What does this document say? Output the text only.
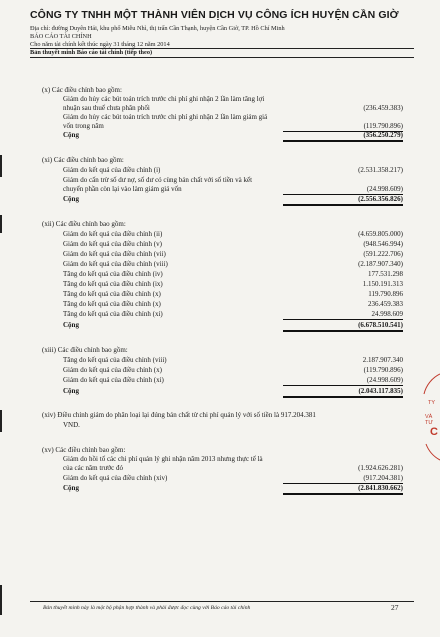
CÔNG TY TNHH MỘT THÀNH VIÊN DỊCH VỤ CÔNG ÍCH HUYỆN CẦN GIỜ
Địa chỉ: đường Duyên Hải, khu phố Miễu Nhì, thị trấn Cần Thạnh, huyện Cần Giờ, TP. Hồ Chí Minh
BÁO CÁO TÀI CHÍNH
Cho năm tài chính kết thúc ngày 31 tháng 12 năm 2014
Bản thuyết minh Báo cáo tài chính (tiếp theo)
(x) Các điều chỉnh bao gồm:
Giảm do hủy các bút toán trích trước chi phí ghi nhận 2 lần làm tăng lợi
nhuận sau thuế chưa phân phối	(236.459.383)
Giảm do hủy các bút toán trích trước chi phí ghi nhận 2 lần làm giảm giá
vốn trong năm	(119.790.896)
Cộng	(356.250.279)
(xi) Các điều chỉnh bao gồm:
Giảm do kết quả của điều chỉnh (i)	(2.531.358.217)
Giảm do cấn trừ số dư nợ, số dư có cùng bản chất với số tiền và kết
chuyển phần còn lại vào làm giảm giá vốn	(24.998.609)
Cộng	(2.556.356.826)
(xii) Các điều chỉnh bao gồm:
Giảm do kết quả của điều chỉnh (ii)	(4.659.805.000)
Giảm do kết quả của điều chỉnh (v)	(948.546.994)
Giảm do kết quả của điều chỉnh (vii)	(591.222.706)
Giảm do kết quả của điều chỉnh (viii)	(2.187.907.340)
Tăng do kết quả của điều chỉnh (iv)	177.531.298
Tăng do kết quả của điều chỉnh (ix)	1.150.191.313
Tăng do kết quả của điều chỉnh (x)	119.790.896
Tăng do kết quả của điều chỉnh (x)	236.459.383
Tăng do kết quả của điều chỉnh (xi)	24.998.609
Cộng	(6.678.510.541)
(xiii) Các điều chỉnh bao gồm:
Tăng do kết quả của điều chỉnh (viii)	2.187.907.340
Giảm do kết quả của điều chỉnh (x)	(119.790.896)
Giảm do kết quả của điều chỉnh (xi)	(24.998.609)
Cộng	(2.043.117.835)
(xiv) Điều chỉnh giảm do phân loại lại đúng bản chất từ chi phí quản lý với số tiền là 917.204.381
VND.
(xv) Các điều chỉnh bao gồm:
Giảm do hồi tố các chi phí quản lý ghi nhận năm 2013 nhưng thực tế là
của các năm trước đó	(1.924.626.281)
Giảm do kết quả của điều chỉnh (xiv)	(917.204.381)
Cộng	(2.841.830.662)
TY
VÀ TƯ
C
Bản thuyết minh này là một bộ phận hợp thành và phải được đọc cùng với Báo cáo tài chính	27
